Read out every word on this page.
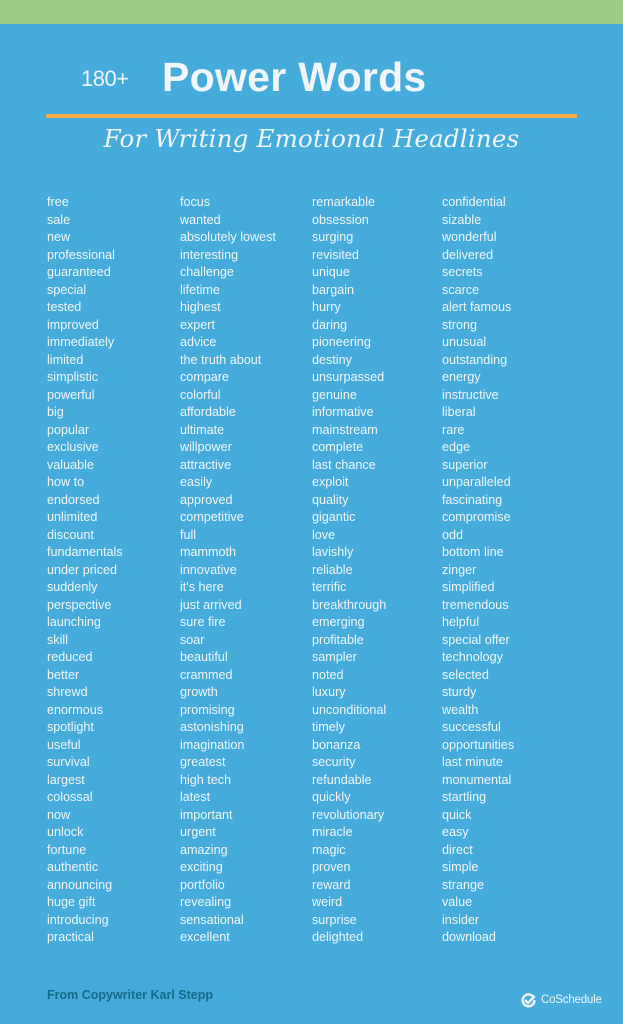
180+ Power Words
For Writing Emotional Headlines
free
sale
new
professional
guaranteed
special
tested
improved
immediately
limited
simplistic
powerful
big
popular
exclusive
valuable
how to
endorsed
unlimited
discount
fundamentals
under priced
suddenly
perspective
launching
skill
reduced
better
shrewd
enormous
spotlight
useful
survival
largest
colossal
now
unlock
fortune
authentic
announcing
huge gift
introducing
practical
focus
wanted
absolutely lowest
interesting
challenge
lifetime
highest
expert
advice
the truth about
compare
colorful
affordable
ultimate
willpower
attractive
easily
approved
competitive
full
mammoth
innovative
it's here
just arrived
sure fire
soar
beautiful
crammed
growth
promising
astonishing
imagination
greatest
high tech
latest
important
urgent
amazing
exciting
portfolio
revealing
sensational
excellent
remarkable
obsession
surging
revisited
unique
bargain
hurry
daring
pioneering
destiny
unsurpassed
genuine
informative
mainstream
complete
last chance
exploit
quality
gigantic
love
lavishly
reliable
terrific
breakthrough
emerging
profitable
sampler
noted
luxury
unconditional
timely
bonanza
security
refundable
quickly
revolutionary
miracle
magic
proven
reward
weird
surprise
delighted
confidential
sizable
wonderful
delivered
secrets
scarce
alert famous
strong
unusual
outstanding
energy
instructive
liberal
rare
edge
superior
unparalleled
fascinating
compromise
odd
bottom line
zinger
simplified
tremendous
helpful
special offer
technology
selected
sturdy
wealth
successful
opportunities
last minute
monumental
startling
quick
easy
direct
simple
strange
value
insider
download
From Copywriter Karl Stepp	CoSchedule
